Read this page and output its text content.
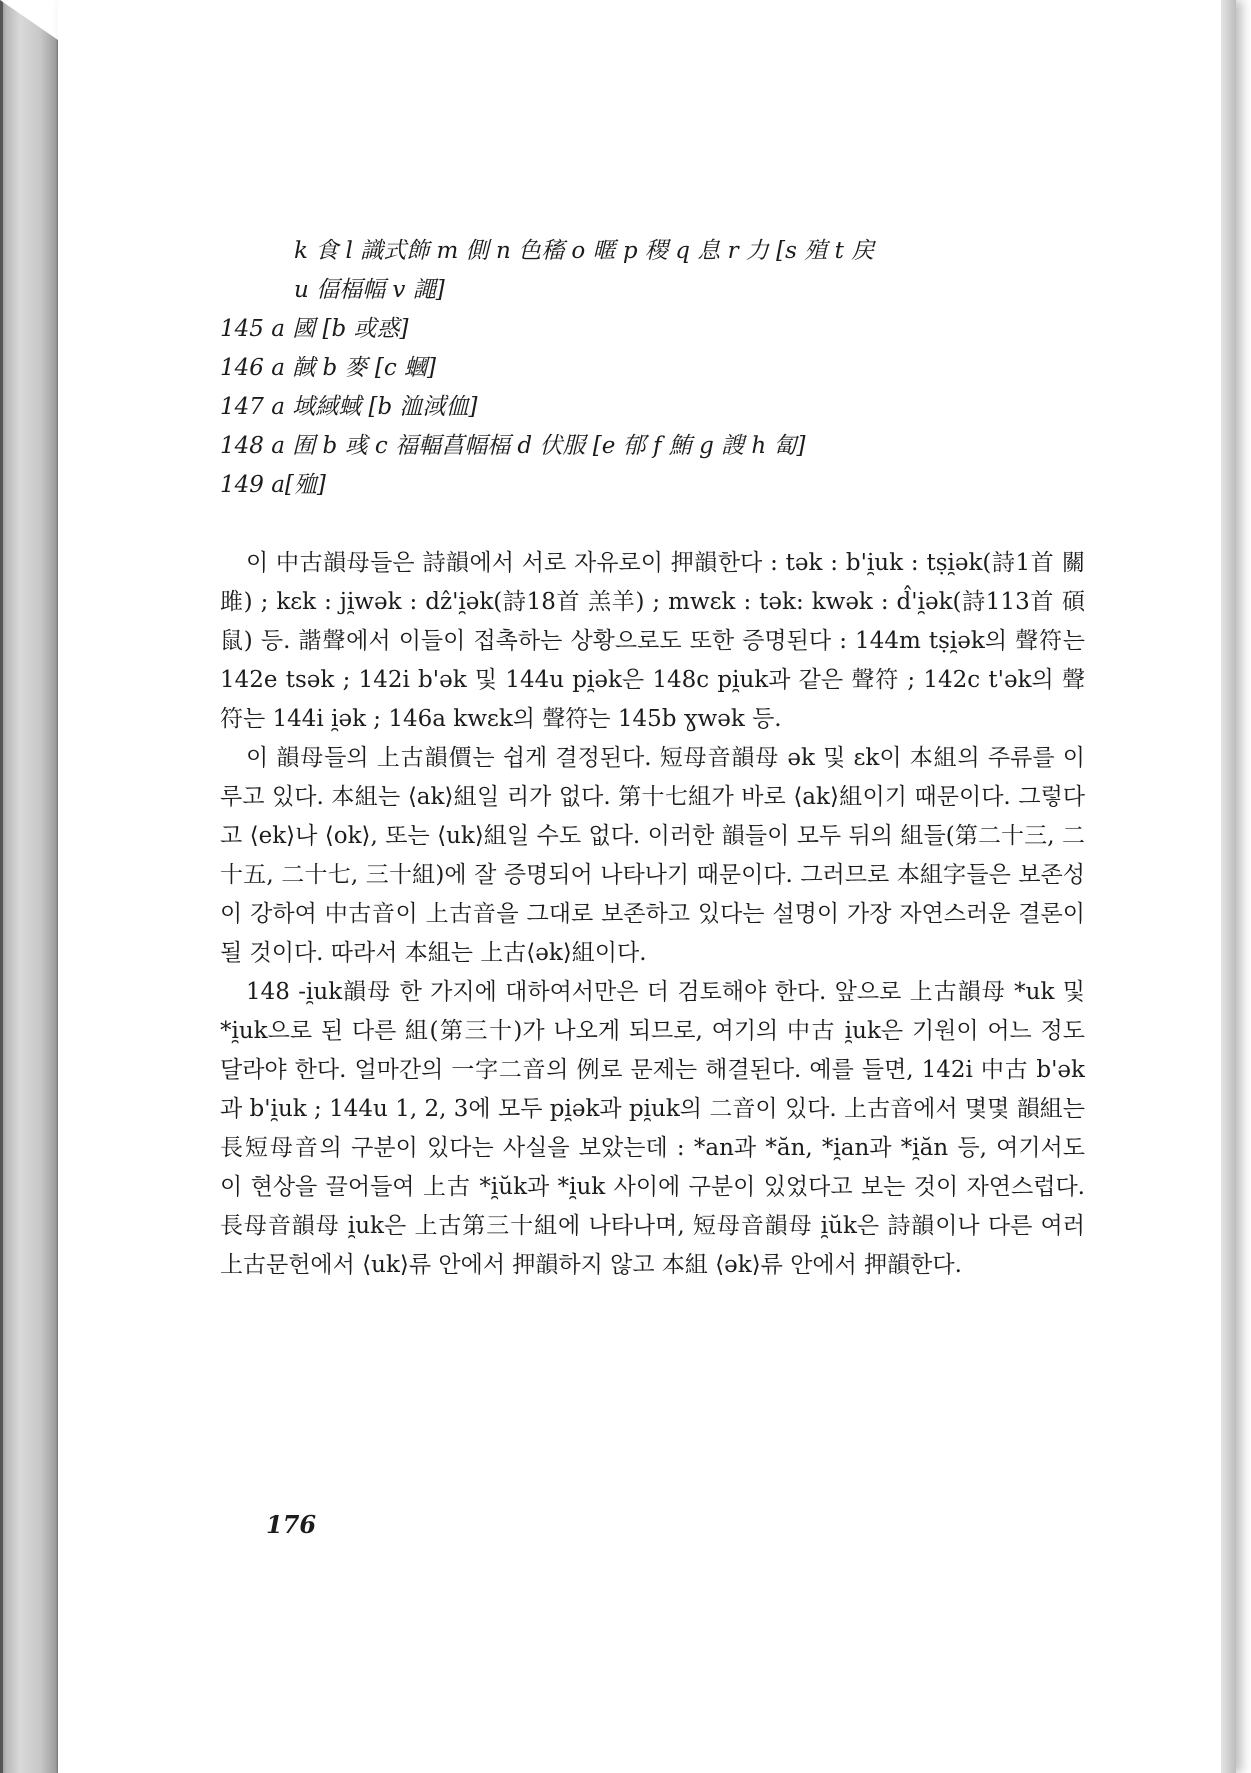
k 食 l 識式飾 m 側 n 色稸 o 暱 p 稷 q 息 r 力 [s 殖 t 戻
u 偪楅幅 v 譝]
145 a 國 [b 或惑]
146 a 馘 b 麥 [c 蟈]
147 a 域緎蜮 [b 洫淢侐]
148 a 囿 b 彧 c 福輻菖幅楅 d 伏服 [e 郁 f 鮪 g 謏 h 匐]
149 a[殈]

이 中古韻母들은 詩韻에서 서로 자유로이 押韻한다 : tək : b'i̯uk : tṣi̯ək(詩1首 關雎) ; kɛk : ji̯wək : dẑ'i̯ək(詩18首 羔羊) ; mwɛk : tək: kwək : d̂'i̯ək(詩113首 碩鼠) 등. 諧聲에서 이들이 접촉하는 상황으로도 또한 증명된다 : 144m tṣi̯ək의 聲符는 142e tsək ; 142i b'ək 및 144u pi̯ək은 148c pi̯uk과 같은 聲符 ; 142c t'ək의 聲符는 144i i̯ək ; 146a kwɛk의 聲符는 145b ɣwək 등.

이 韻母들의 上古韻價는 쉽게 결정된다. 短母音韻母 ək 및 ɛk이 本組의 주류를 이루고 있다. 本組는 ⟨ak⟩組일 리가 없다. 第十七組가 바로 ⟨ak⟩組이기 때문이다. 그렇다고 ⟨ek⟩나 ⟨ok⟩, 또는 ⟨uk⟩組일 수도 없다. 이러한 韻들이 모두 뒤의 組들(第二十三, 二十五, 二十七, 三十組)에 잘 증명되어 나타나기 때문이다. 그러므로 本組字들은 보존성이 강하여 中古音이 上古音을 그대로 보존하고 있다는 설명이 가장 자연스러운 결론이 될 것이다. 따라서 本組는 上古⟨ək⟩組이다.

148 -i̯uk韻母 한 가지에 대하여서만은 더 검토해야 한다. 앞으로 上古韻母 *uk 및 *i̯uk으로 된 다른 組(第三十)가 나오게 되므로, 여기의 中古 i̯uk은 기원이 어느 정도 달라야 한다. 얼마간의 一字二音의 例로 문제는 해결된다. 예를 들면, 142i 中古 b'ək과 b'i̯uk ; 144u 1, 2, 3에 모두 pi̯ək과 pi̯uk의 二音이 있다. 上古音에서 몇몇 韻組는 長短母音의 구분이 있다는 사실을 보았는데 : *an과 *ăn, *i̯an과 *i̯ăn 등, 여기서도 이 현상을 끌어들여 上古 *i̯ŭk과 *i̯uk 사이에 구분이 있었다고 보는 것이 자연스럽다. 長母音韻母 i̯uk은 上古第三十組에 나타나며, 短母音韻母 i̯ŭk은 詩韻이나 다른 여러 上古문헌에서 ⟨uk⟩류 안에서 押韻하지 않고 本組 ⟨ək⟩류 안에서 押韻한다.

176
